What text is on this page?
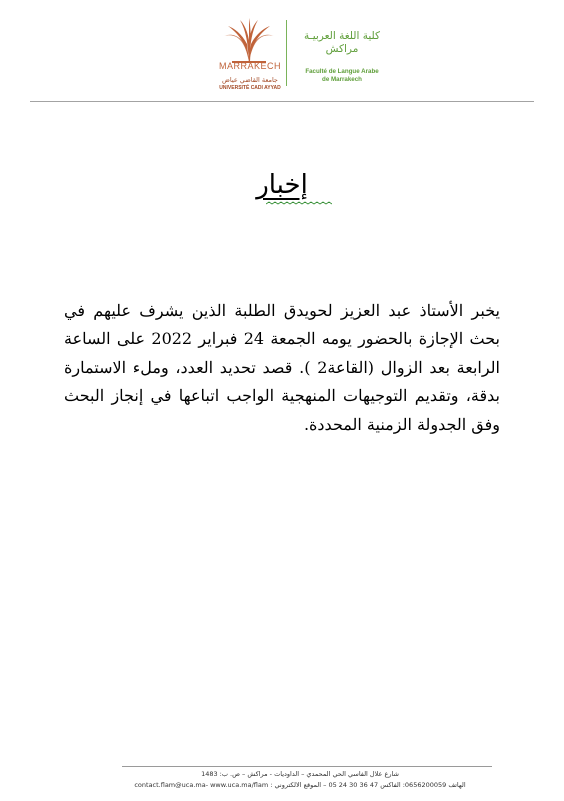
MARRAKECH
جامعة القاضي عياض
UNIVERSITÉ CADI AYYAD
كلية اللغة العربيـة
مراكش
Faculté de Langue Arabe
de Marrakech
إخبار
يخبر الأستاذ عبد العزيز لحويدق الطلبة الذين يشرف عليهم في بحث الإجازة بالحضور يومه الجمعة 24 فبراير 2022 على الساعة الرابعة بعد الزوال (القاعة2 ). قصد تحديد العدد، وملء الاستمارة بدقة، وتقديم التوجيهات المنهجية الواجب اتباعها في إنجاز البحث وفق الجدولة الزمنية المحددة.
شارع علال الفاسي الحي المحمدي – الداوديات - مراكش – ص. ب: 1483
الهاتف 0656200059: الفاكس 47 36 30 24 05 – الموقع الالكتروني : contact.flam@uca.ma- www.uca.ma/flam
